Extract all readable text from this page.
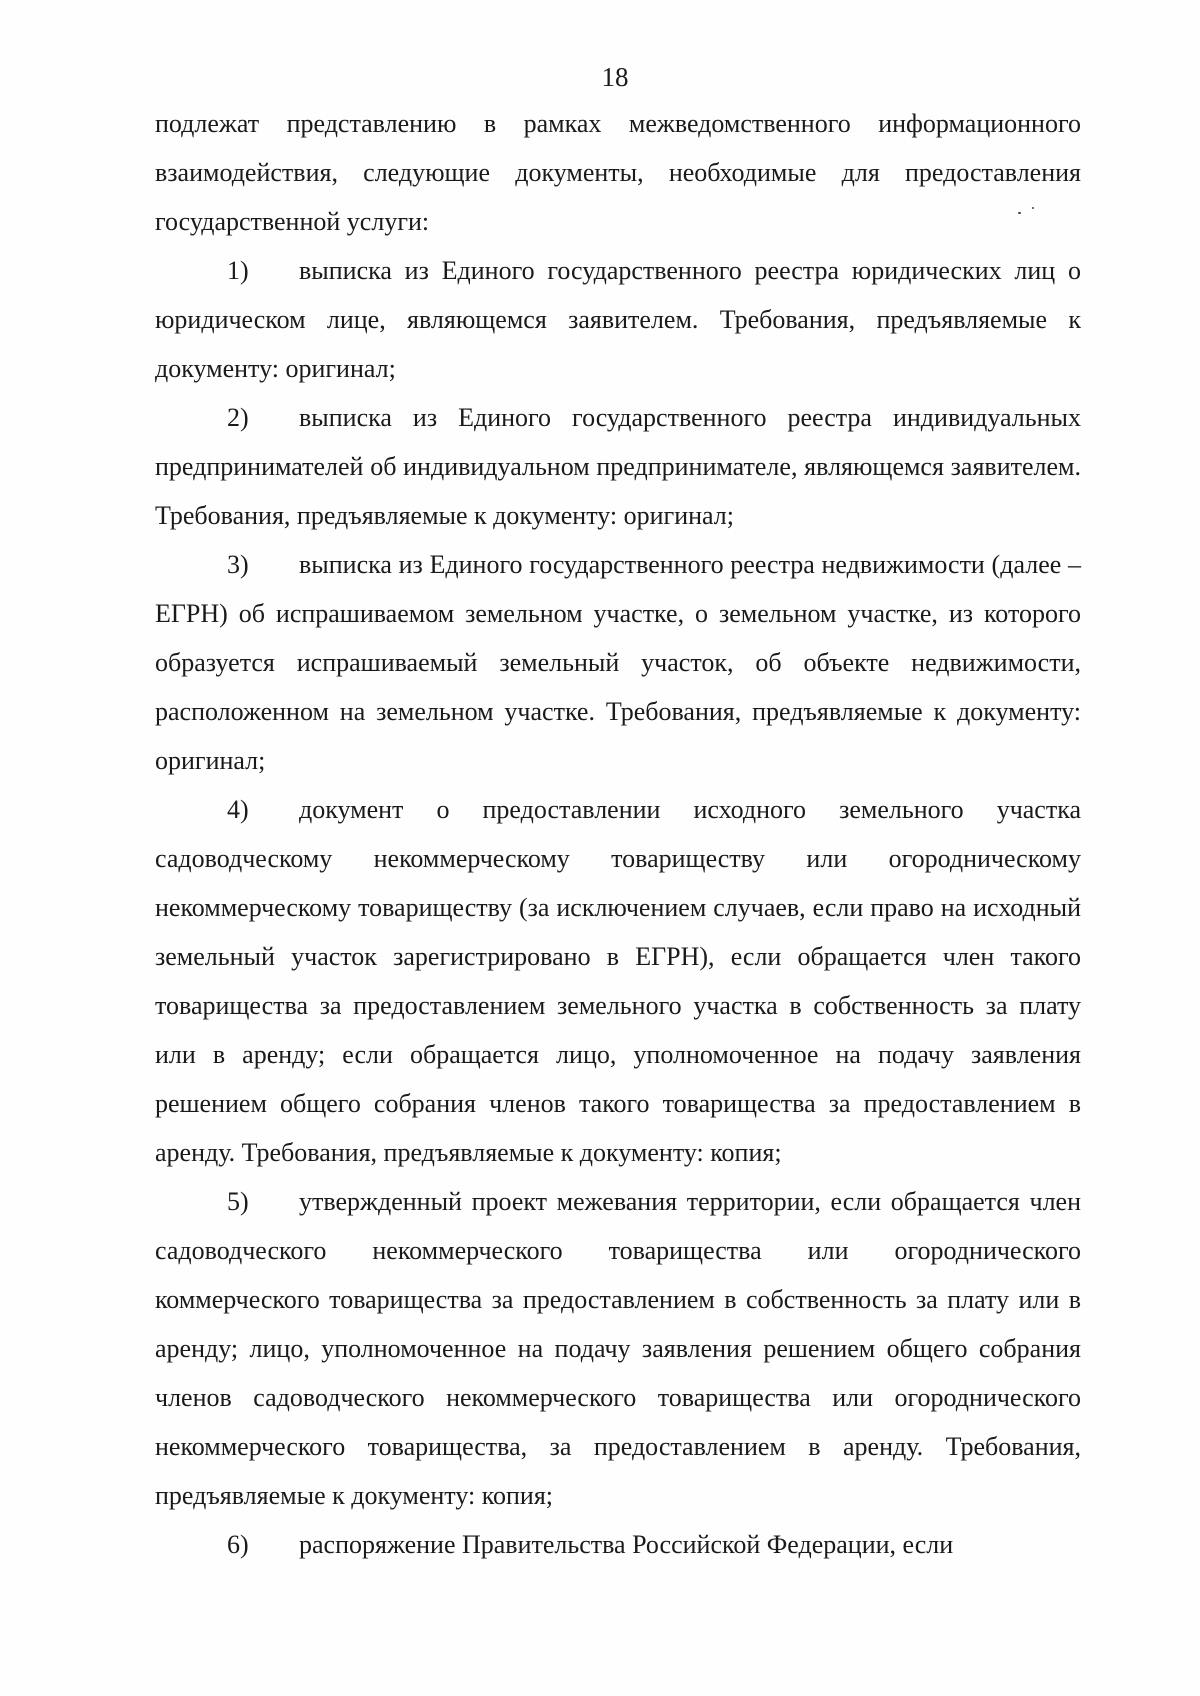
18

подлежат представлению в рамках межведомственного информационного взаимодействия, следующие документы, необходимые для предоставления государственной услуги:

1) выписка из Единого государственного реестра юридических лиц о юридическом лице, являющемся заявителем. Требования, предъявляемые к документу: оригинал;

2) выписка из Единого государственного реестра индивидуальных предпринимателей об индивидуальном предпринимателе, являющемся заявителем. Требования, предъявляемые к документу: оригинал;

3) выписка из Единого государственного реестра недвижимости (далее – ЕГРН) об испрашиваемом земельном участке, о земельном участке, из которого образуется испрашиваемый земельный участок, об объекте недвижимости, расположенном на земельном участке. Требования, предъявляемые к документу: оригинал;

4) документ о предоставлении исходного земельного участка садоводческому некоммерческому товариществу или огородническому некоммерческому товариществу (за исключением случаев, если право на исходный земельный участок зарегистрировано в ЕГРН), если обращается член такого товарищества за предоставлением земельного участка в собственность за плату или в аренду; если обращается лицо, уполномоченное на подачу заявления решением общего собрания членов такого товарищества за предоставлением в аренду. Требования, предъявляемые к документу: копия;

5) утвержденный проект межевания территории, если обращается член садоводческого некоммерческого товарищества или огороднического коммерческого товарищества за предоставлением в собственность за плату или в аренду; лицо, уполномоченное на подачу заявления решением общего собрания членов садоводческого некоммерческого товарищества или огороднического некоммерческого товарищества, за предоставлением в аренду. Требования, предъявляемые к документу: копия;

6) распоряжение Правительства Российской Федерации, если
